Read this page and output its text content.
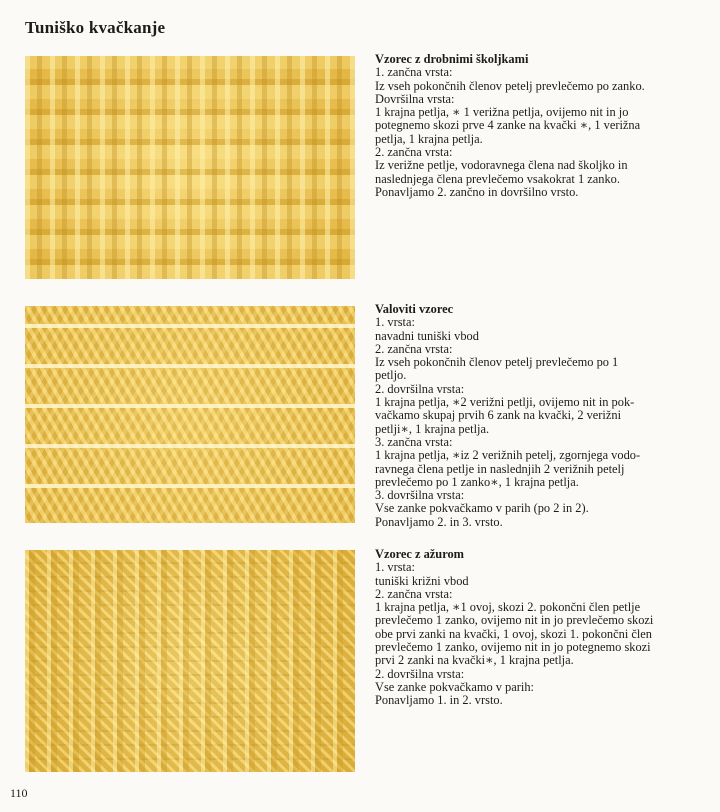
Tuniško kvačkanje
Vzorec z drobnimi školjkami
1. zančna vrsta:
Iz vseh pokončnih členov petelj prevlečemo po zanko.
Dovršilna vrsta:
1 krajna petlja, ∗ 1 verižna petlja, ovijemo nit in jo
potegnemo skozi prve 4 zanke na kvački ∗, 1 verižna
petlja, 1 krajna petlja.
2. zančna vrsta:
Iz verižne petlje, vodoravnega člena nad školjko in
naslednjega člena prevlečemo vsakokrat 1 zanko.
Ponavljamo 2. zančno in dovršilno vrsto.
Valoviti vzorec
1. vrsta:
navadni tuniški vbod
2. zančna vrsta:
Iz vseh pokončnih členov petelj prevlečemo po 1
petljo.
2. dovršilna vrsta:
1 krajna petlja, ∗2 verižni petlji, ovijemo nit in pok-
vačkamo skupaj prvih 6 zank na kvački, 2 verižni
petlji∗, 1 krajna petlja.
3. zančna vrsta:
1 krajna petlja, ∗iz 2 verižnih petelj, zgornjega vodo-
ravnega člena petlje in naslednjih 2 verižnih petelj
prevlečemo po 1 zanko∗, 1 krajna petlja.
3. dovršilna vrsta:
Vse zanke pokvačkamo v parih (po 2 in 2).
Ponavljamo 2. in 3. vrsto.
Vzorec z ažurom
1. vrsta:
tuniški križni vbod
2. zančna vrsta:
1 krajna petlja, ∗1 ovoj, skozi 2. pokončni člen petlje
prevlečemo 1 zanko, ovijemo nit in jo prevlečemo skozi
obe prvi zanki na kvački, 1 ovoj, skozi 1. pokončni člen
prevlečemo 1 zanko, ovijemo nit in jo potegnemo skozi
prvi 2 zanki na kvački∗, 1 krajna petlja.
2. dovršilna vrsta:
Vse zanke pokvačkamo v parih:
Ponavljamo 1. in 2. vrsto.
110
